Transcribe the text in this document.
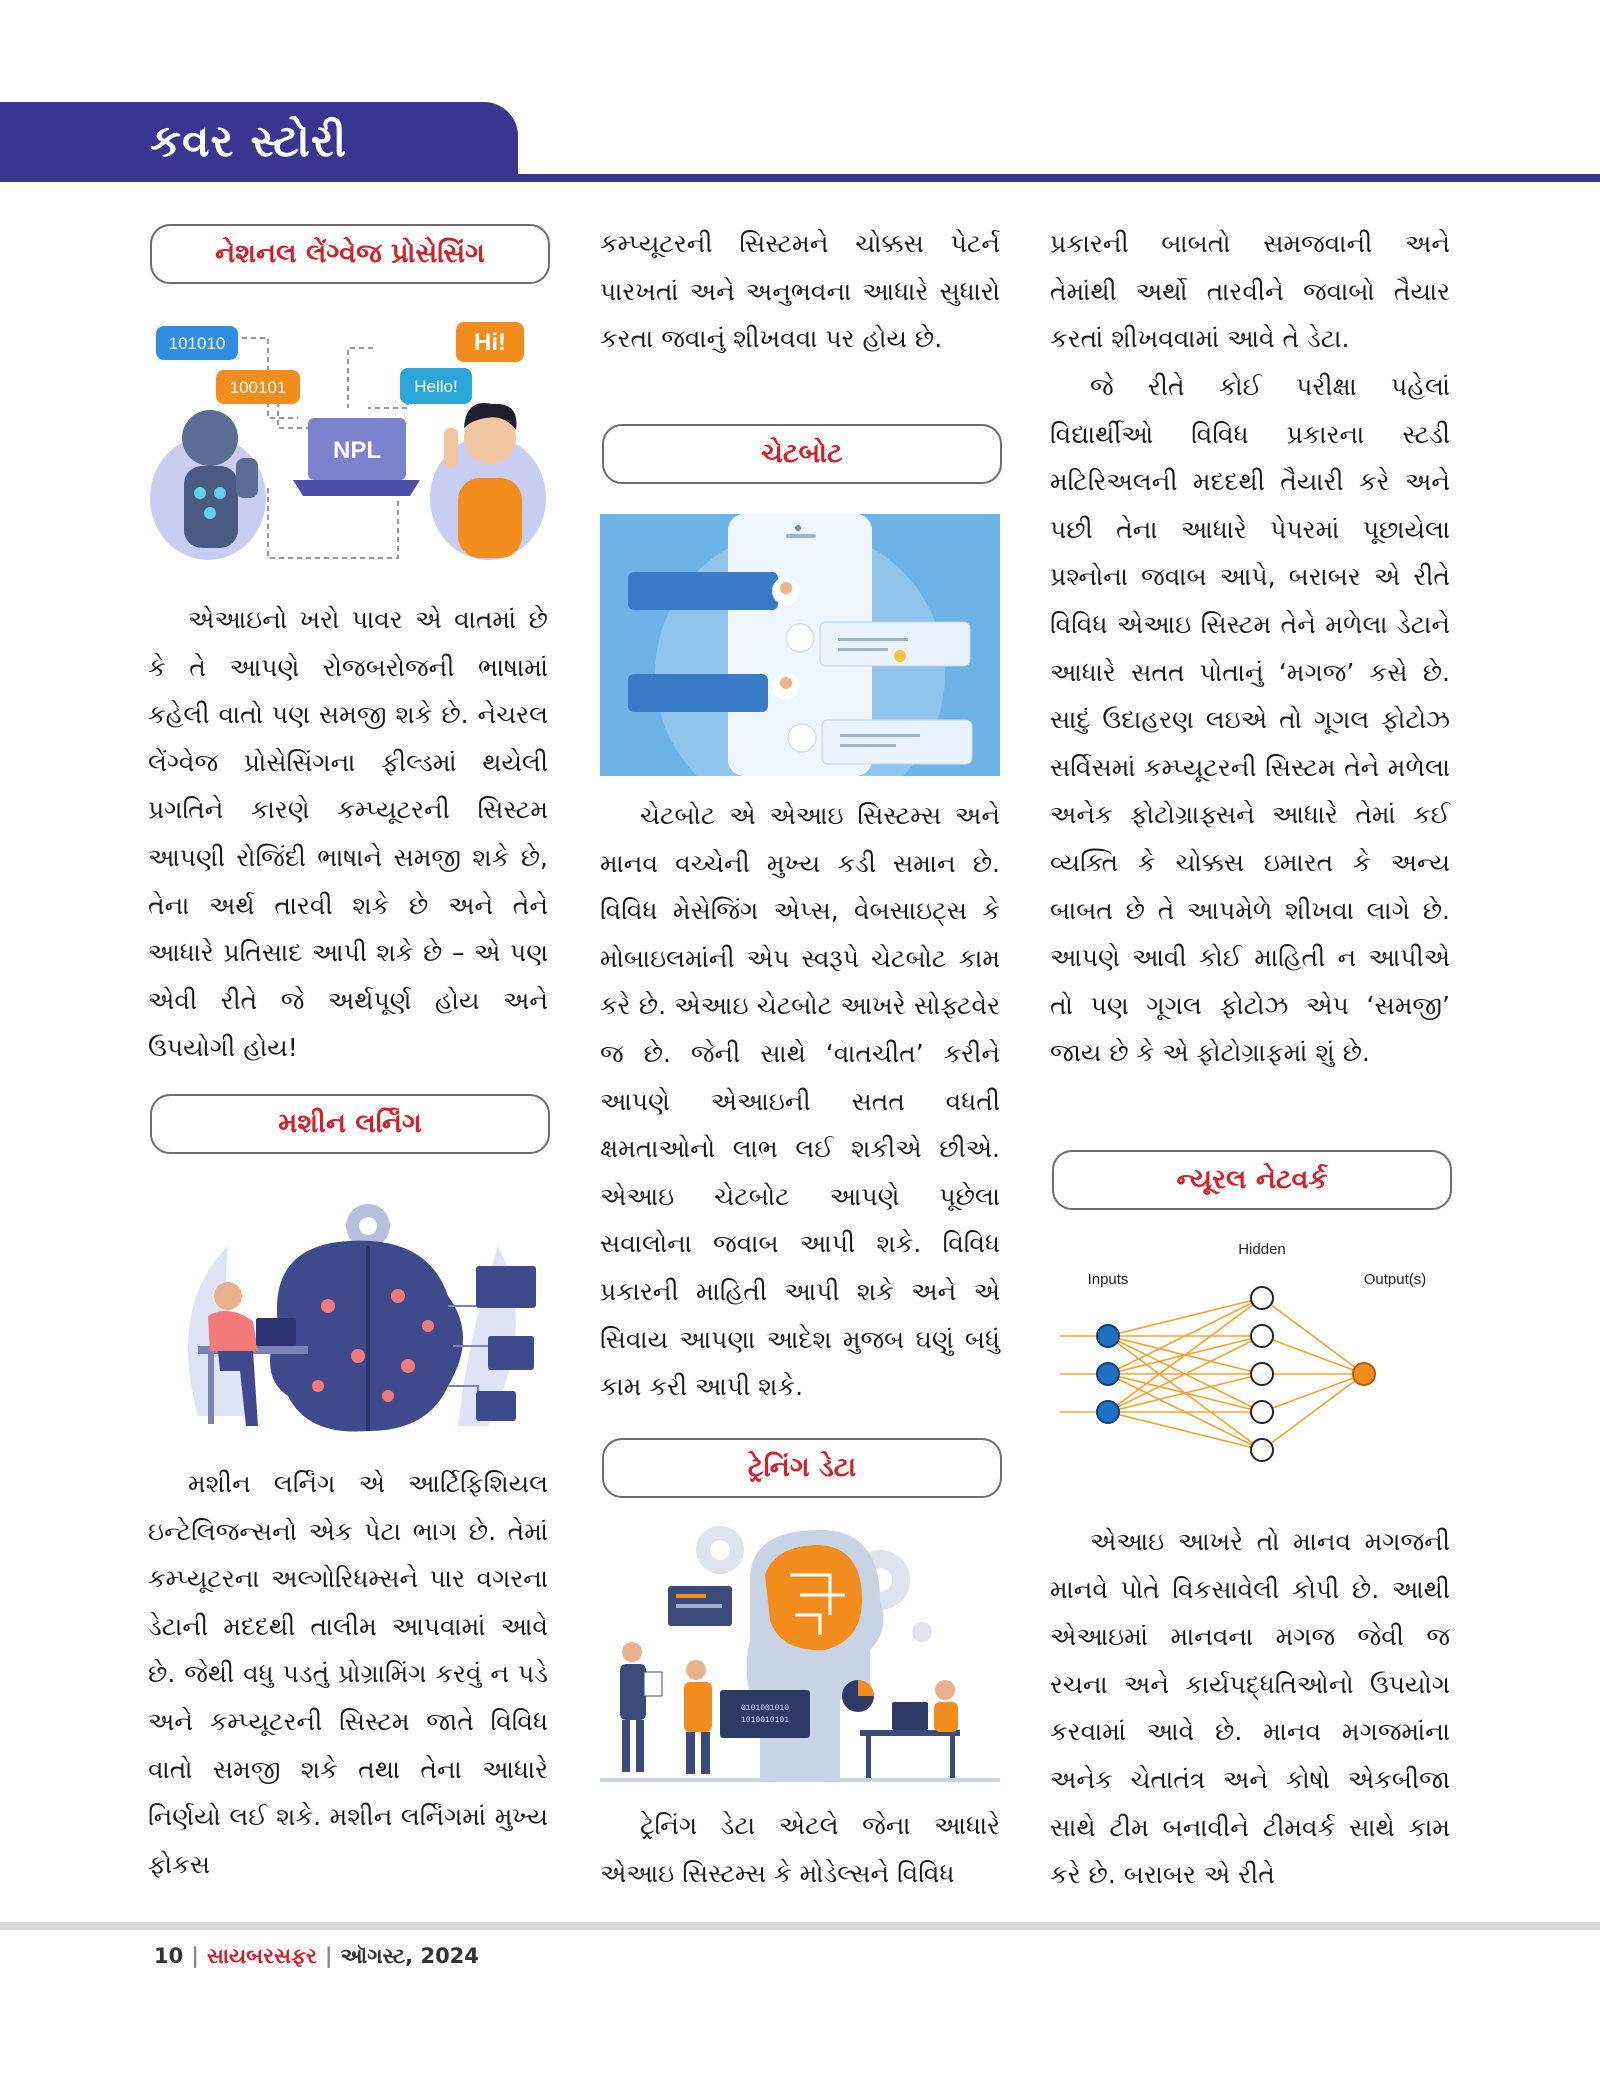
કવર સ્ટોરી
નેશનલ લેંગ્વેજ પ્રોસેસિંગ
101010
100101
Hi!
Hello!
NPL

એઆઇનો ખરો પાવર એ વાતમાં છે કે તે આપણે રોજબરોજની ભાષામાં કહેલી વાતો પણ સમજી શકે છે. નેચરલ લેંગ્વેજ પ્રોસેસિંગના ફીલ્ડમાં થયેલી પ્રગતિને કારણે કમ્પ્યૂટરની સિસ્ટમ આપણી રોજિંદી ભાષાને સમજી શકે છે, તેના અર્થ તારવી શકે છે અને તેને આધારે પ્રતિસાદ આપી શકે છે – એ પણ એવી રીતે જે અર્થપૂર્ણ હોય અને ઉપયોગી હોય!

મશીન લર્નિંગ

મશીન લર્નિંગ એ આર્ટિફિશિયલ ઇન્ટેલિજન્સનો એક પેટા ભાગ છે. તેમાં કમ્પ્યૂટરના અલ્ગોરિધમ્સને પાર વગરના ડેટાની મદદથી તાલીમ આપવામાં આવે છે. જેથી વધુ પડતું પ્રોગ્રામિંગ કરવું ન પડે અને કમ્પ્યૂટરની સિસ્ટમ જાતે વિવિધ વાતો સમજી શકે તથા તેના આધારે નિર્ણયો લઈ શકે. મશીન લર્નિંગમાં મુખ્ય ફોકસ

કમ્પ્યૂટરની સિસ્ટમને ચોક્કસ પેટર્ન પારખતાં અને અનુભવના આધારે સુધારો કરતા જવાનું શીખવવા પર હોય છે.

ચેટબોટ

ચેટબોટ એ એઆઇ સિસ્ટમ્સ અને માનવ વચ્ચેની મુખ્ય કડી સમાન છે. વિવિધ મેસેજિંગ એપ્સ, વેબસાઇટ્સ કે મોબાઇલમાંની એપ સ્વરૂપે ચેટબોટ કામ કરે છે. એઆઇ ચેટબોટ આખરે સોફ્ટવેર જ છે. જેની સાથે ‘વાતચીત’ કરીને આપણે એઆઇની સતત વધતી ક્ષમતાઓનો લાભ લઈ શકીએ છીએ. એઆઇ ચેટબોટ આપણે પૂછેલા સવાલોના જવાબ આપી શકે. વિવિધ પ્રકારની માહિતી આપી શકે અને એ સિવાય આપણા આદેશ મુજબ ઘણું બધું કામ કરી આપી શકે.

ટ્રેનિંગ ડેટા
0101001010
1010010101

ટ્રેનિંગ ડેટા એટલે જેના આધારે એઆઇ સિસ્ટમ્સ કે મોડેલ્સને વિવિધ

પ્રકારની બાબતો સમજવાની અને તેમાંથી અર્થો તારવીને જવાબો તૈયાર કરતાં શીખવવામાં આવે તે ડેટા.

જે રીતે કોઈ પરીક્ષા પહેલાં વિદ્યાર્થીઓ વિવિધ પ્રકારના સ્ટડી મટિરિઅલની મદદથી તૈયારી કરે અને પછી તેના આધારે પેપરમાં પૂછાયેલા પ્રશ્નોના જવાબ આપે, બરાબર એ રીતે વિવિધ એઆઇ સિસ્ટમ તેને મળેલા ડેટાને આધારે સતત પોતાનું ‘મગજ’ કસે છે. સાદું ઉદાહરણ લઇએ તો ગૂગલ ફોટોઝ સર્વિસમાં કમ્પ્યૂટરની સિસ્ટમ તેને મળેલા અનેક ફોટોગ્રાફ્સને આધારે તેમાં કઈ વ્યક્તિ કે ચોક્કસ ઇમારત કે અન્ય બાબત છે તે આપમેળે શીખવા લાગે છે. આપણે આવી કોઈ માહિતી ન આપીએ તો પણ ગૂગલ ફોટોઝ એપ ‘સમજી’ જાય છે કે એ ફોટોગ્રાફમાં શું છે.

ન્યૂરલ નેટવર્ક
Inputs
Hidden
Output(s)

એઆઇ આખરે તો માનવ મગજની માનવે પોતે વિકસાવેલી કોપી છે. આથી એઆઇમાં માનવના મગજ જેવી જ રચના અને કાર્યપદ્ધતિઓનો ઉપયોગ કરવામાં આવે છે. માનવ મગજમાંના અનેક ચેતાતંત્ર અને કોષો એકબીજા સાથે ટીમ બનાવીને ટીમવર્ક સાથે કામ કરે છે. બરાબર એ રીતે

10 | સાયબરસફર | ઑગસ્ટ, 2024
